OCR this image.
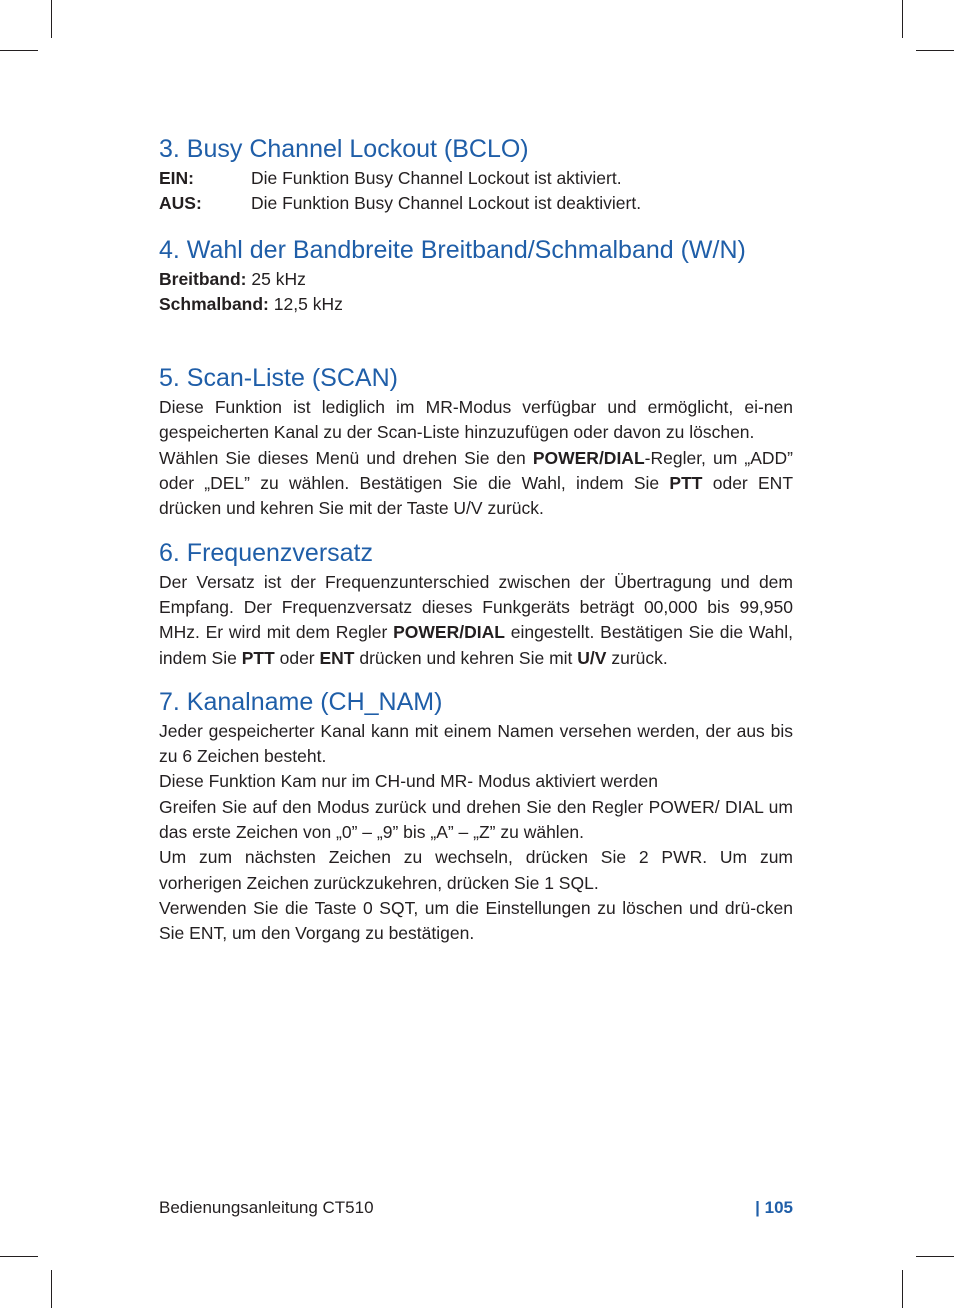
3. Busy Channel Lockout (BCLO)
EIN:	Die Funktion Busy Channel Lockout ist aktiviert.
AUS:	Die Funktion Busy Channel Lockout ist deaktiviert.
4. Wahl der Bandbreite Breitband/Schmalband (W/N)
Breitband: 25 kHz
Schmalband: 12,5 kHz
5. Scan-Liste (SCAN)

Diese Funktion ist lediglich im MR-Modus verfügbar und ermöglicht, ei-nen gespeicherten Kanal zu der Scan-Liste hinzuzufügen oder davon zu löschen.

Wählen Sie dieses Menü und drehen Sie den POWER/DIAL-Regler, um „ADD” oder „DEL” zu wählen. Bestätigen Sie die Wahl, indem Sie PTT oder ENT drücken und kehren Sie mit der Taste U/V zurück.

6. Frequenzversatz

Der Versatz ist der Frequenzunterschied zwischen der Übertragung und dem Empfang. Der Frequenzversatz dieses Funkgeräts beträgt 00,000 bis 99,950 MHz. Er wird mit dem Regler POWER/DIAL eingestellt. Bestätigen Sie die Wahl, indem Sie PTT oder ENT drücken und kehren Sie mit U/V zurück.

7. Kanalname (CH_NAM)

Jeder gespeicherter Kanal kann mit einem Namen versehen werden, der aus bis zu 6 Zeichen besteht.

Diese Funktion Kam nur im CH-und MR- Modus aktiviert werden

Greifen Sie auf den Modus zurück und drehen Sie den Regler POWER/ DIAL um das erste Zeichen von „0” – „9” bis „A” – „Z” zu wählen.

Um zum nächsten Zeichen zu wechseln, drücken Sie 2 PWR. Um zum vorherigen Zeichen zurückzukehren, drücken Sie 1 SQL.

Verwenden Sie die Taste 0 SQT, um die Einstellungen zu löschen und drü-cken Sie ENT, um den Vorgang zu bestätigen.

Bedienungsanleitung CT510	| 105
